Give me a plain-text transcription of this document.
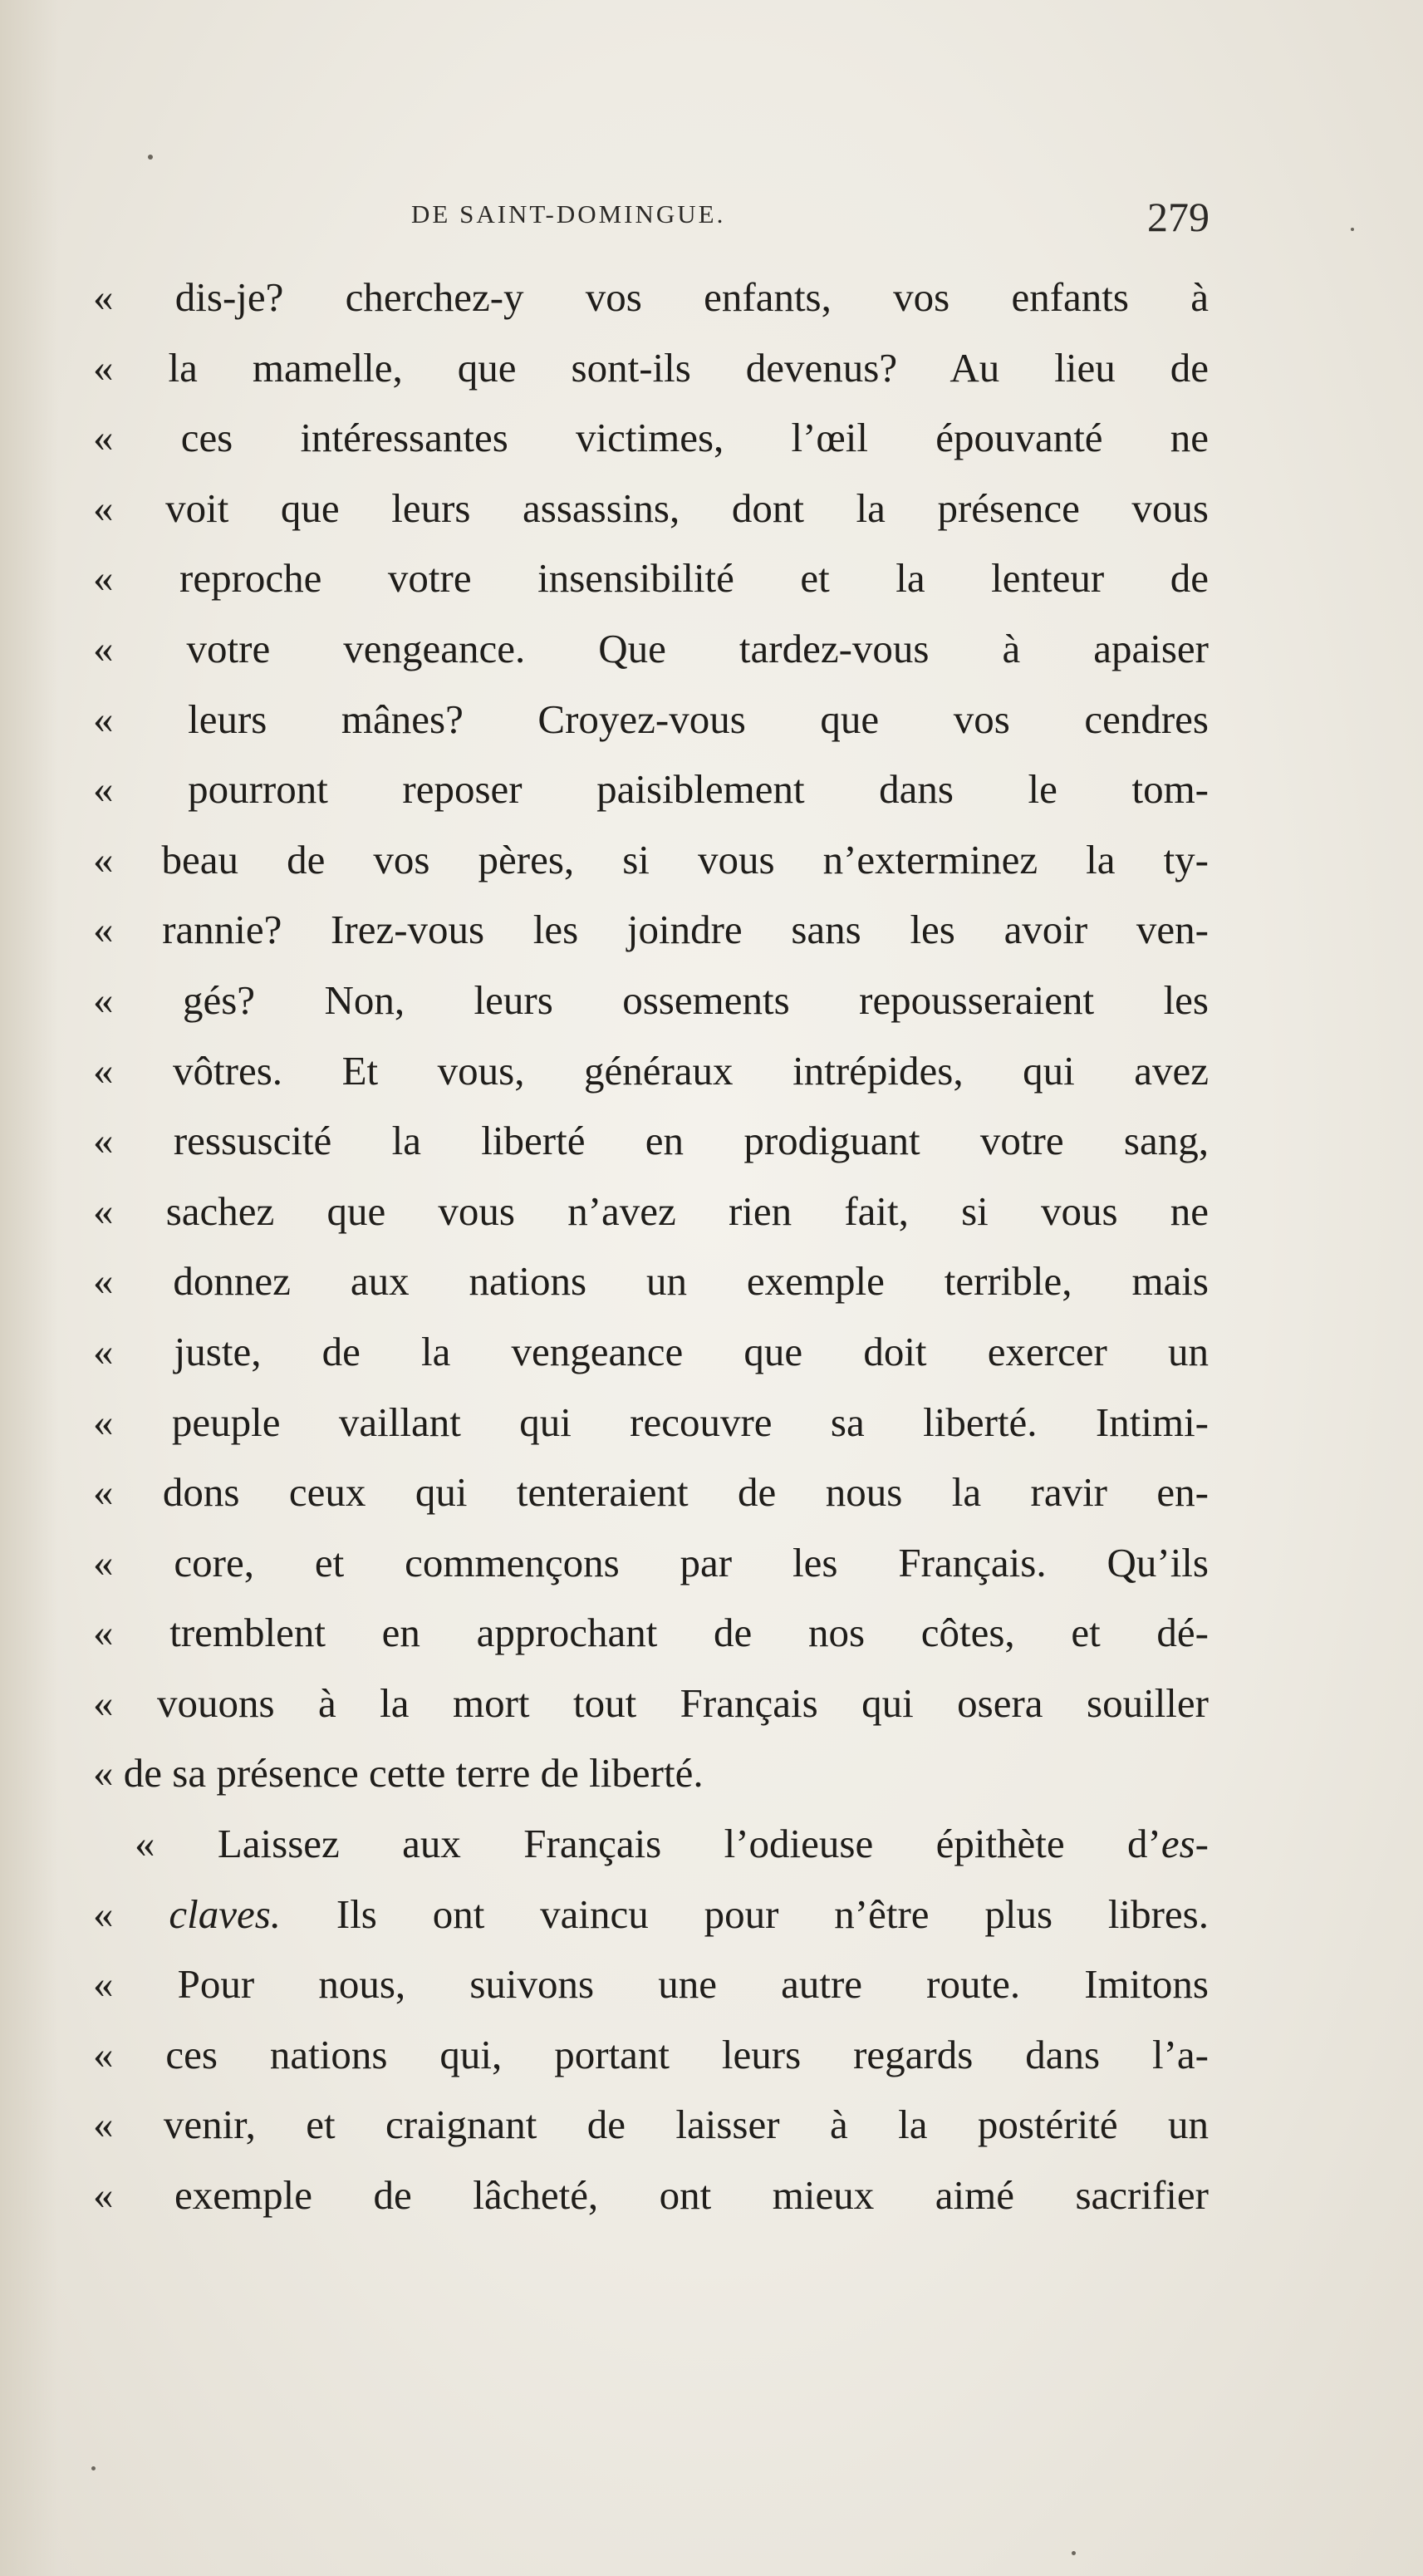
DE SAINT-DOMINGUE.	279
« dis-je? cherchez-y vos enfants, vos enfants à
« la mamelle, que sont-ils devenus? Au lieu de
« ces intéressantes victimes, l’œil épouvanté ne
« voit que leurs assassins, dont la présence vous
« reproche votre insensibilité et la lenteur de
« votre vengeance. Que tardez-vous à apaiser
« leurs mânes? Croyez-vous que vos cendres
« pourront reposer paisiblement dans le tom-
« beau de vos pères, si vous n’exterminez la ty-
« rannie? Irez-vous les joindre sans les avoir ven-
« gés? Non, leurs ossements repousseraient les
« vôtres. Et vous, généraux intrépides, qui avez
« ressuscité la liberté en prodiguant votre sang,
« sachez que vous n’avez rien fait, si vous ne
« donnez aux nations un exemple terrible, mais
« juste, de la vengeance que doit exercer un
« peuple vaillant qui recouvre sa liberté. Intimi-
« dons ceux qui tenteraient de nous la ravir en-
« core, et commençons par les Français. Qu’ils
« tremblent en approchant de nos côtes, et dé-
« vouons à la mort tout Français qui osera souiller
« de sa présence cette terre de liberté.
« Laissez aux Français l’odieuse épithète d’es-
« claves. Ils ont vaincu pour n’être plus libres.
« Pour nous, suivons une autre route. Imitons
« ces nations qui, portant leurs regards dans l’a-
« venir, et craignant de laisser à la postérité un
« exemple de lâcheté, ont mieux aimé sacrifier
